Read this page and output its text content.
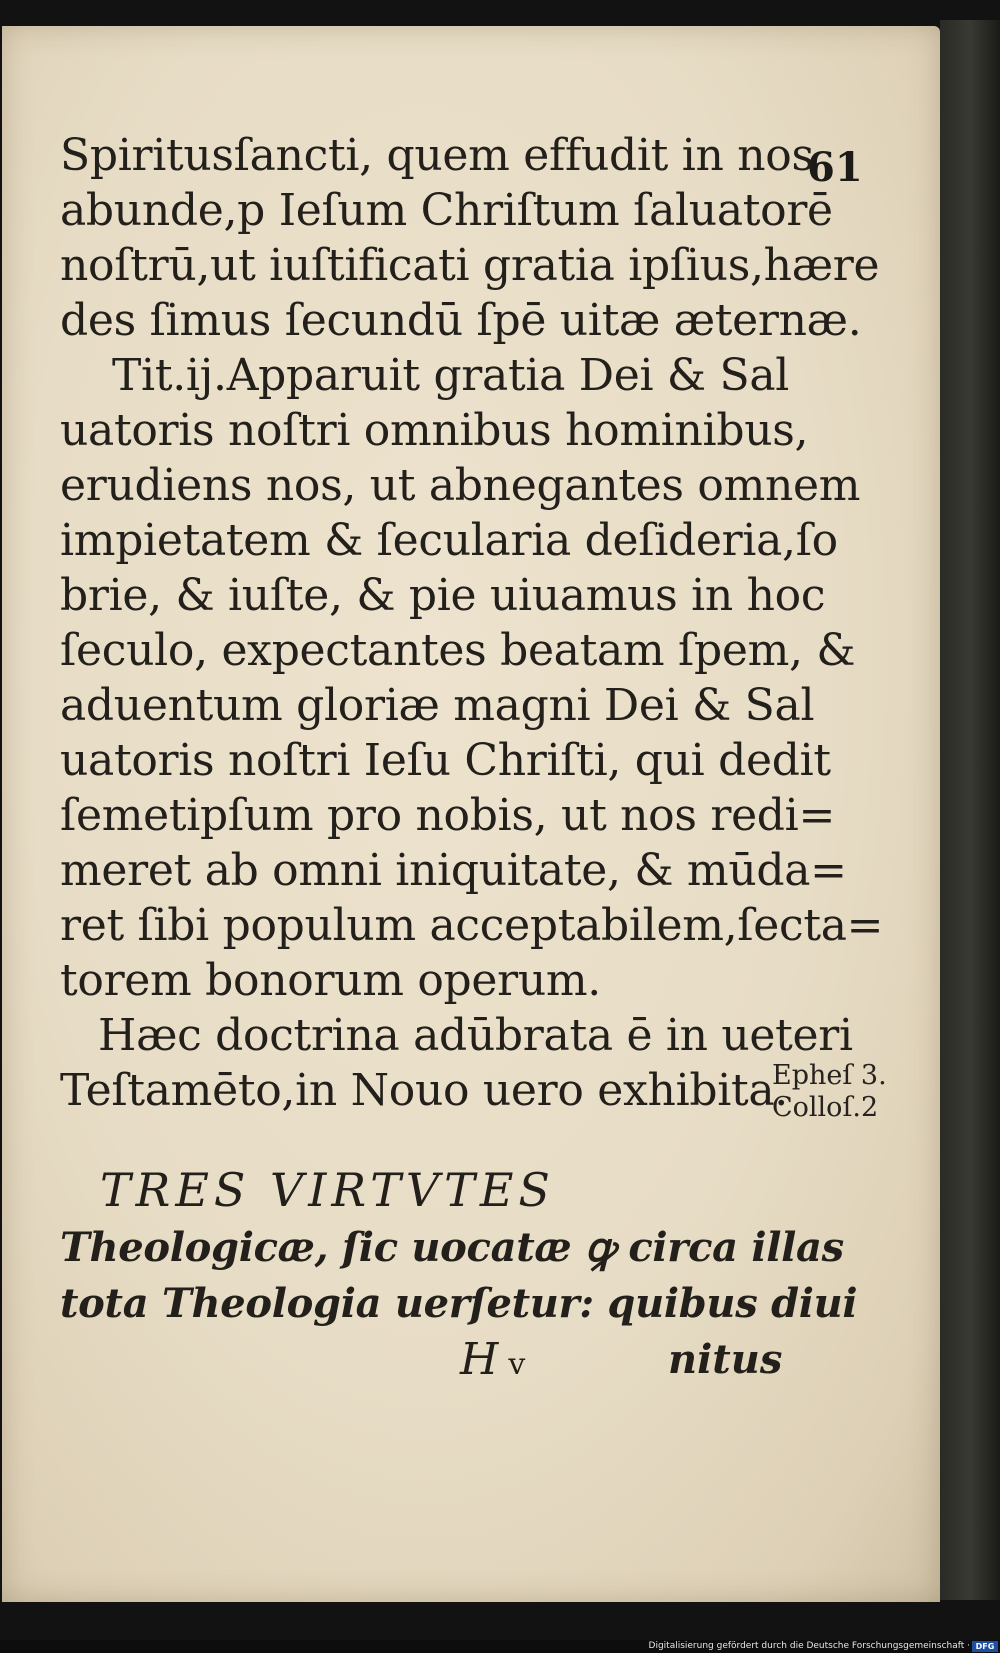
61
Spiritusſancti, quem effudit in nos
abunde,p Ieſum Chriſtum ſaluatorē
noſtrū,ut iuſtificati gratia ipſius,hære
des ſimus ſecundū ſpē uitæ æternæ.
Tit.ij.Apparuit gratia Dei & Sal
uatoris noſtri omnibus hominibus,
erudiens nos, ut abnegantes omnem
impietatem & ſecularia deſideria,ſo
brie, & iuſte, & pie uiuamus in hoc
ſeculo, expectantes beatam ſpem, &
aduentum gloriæ magni Dei & Sal
uatoris noſtri Ieſu Chriſti, qui dedit
ſemetipſum pro nobis, ut nos redi=
meret ab omni iniquitate, & mūda=
ret ſibi populum acceptabilem,ſecta=
torem bonorum operum.
Hæc doctrina adūbrata ē in ueteri
Teſtamēto,in Nouo uero exhibita.
TRES VIRTVTES
Theologicæ, ſic uocatæ ꝙ circa illas
tota Theologia uerſetur: quibus diui
H v	nitus
Epheſ 3.
Colloſ.2
Digitalisierung gefördert durch die Deutsche Forschungsgemeinschaft · DFG
